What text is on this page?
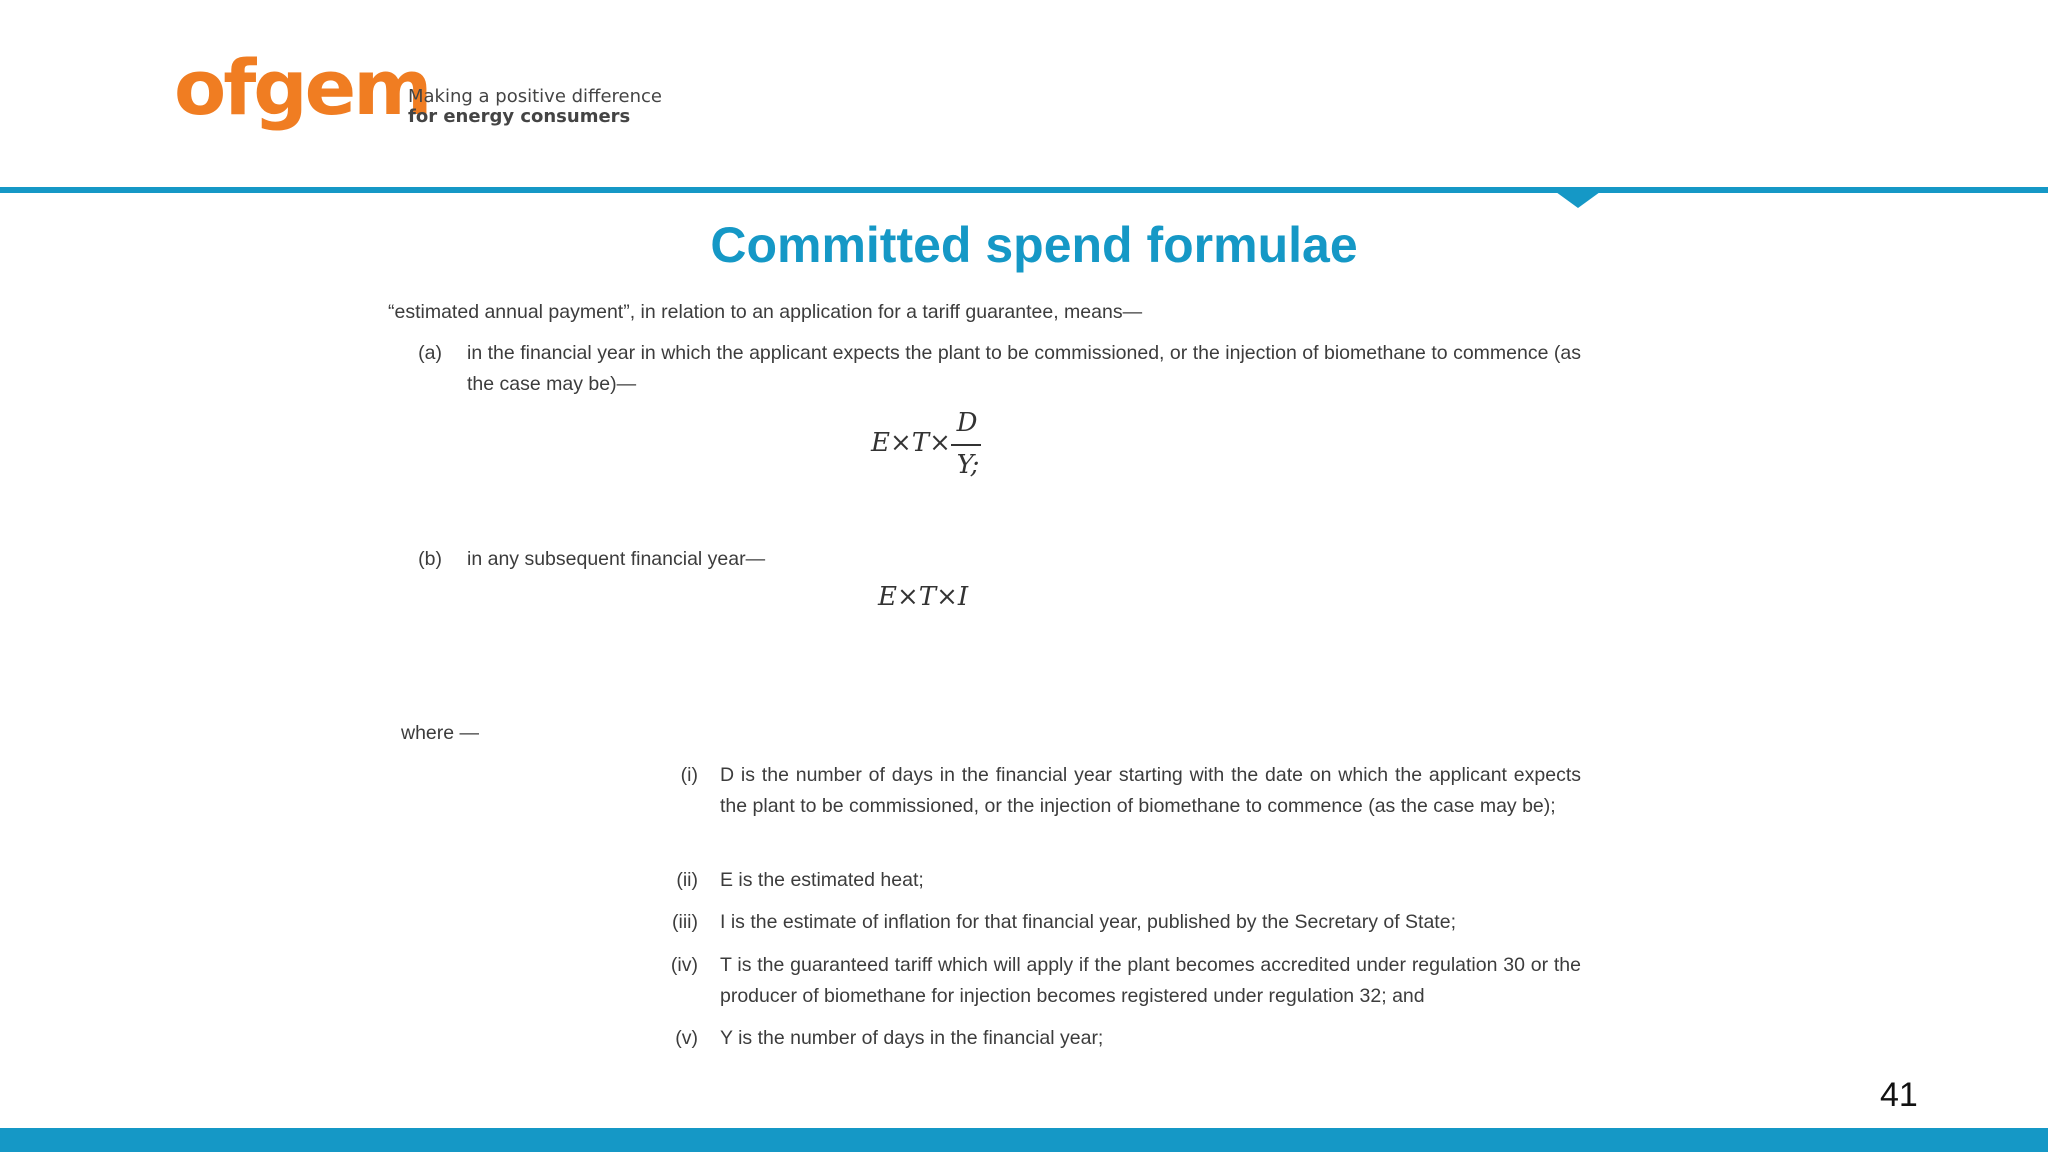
ofgem
Making a positive difference
for energy consumers
Committed spend formulae
“estimated annual payment”, in relation to an application for a tariff guarantee, means—
(a) in the financial year in which the applicant expects the plant to be commissioned, or the injection of biomethane to commence (as the case may be)—
E×T×
D
Y;
(b) in any subsequent financial year—
E×T×I
where —
(i) D is the number of days in the financial year starting with the date on which the applicant expects the plant to be commissioned, or the injection of biomethane to commence (as the case may be);
(ii) E is the estimated heat;
(iii) I is the estimate of inflation for that financial year, published by the Secretary of State;
(iv) T is the guaranteed tariff which will apply if the plant becomes accredited under regulation 30 or the producer of biomethane for injection becomes registered under regulation 32; and
(v) Y is the number of days in the financial year;
41
